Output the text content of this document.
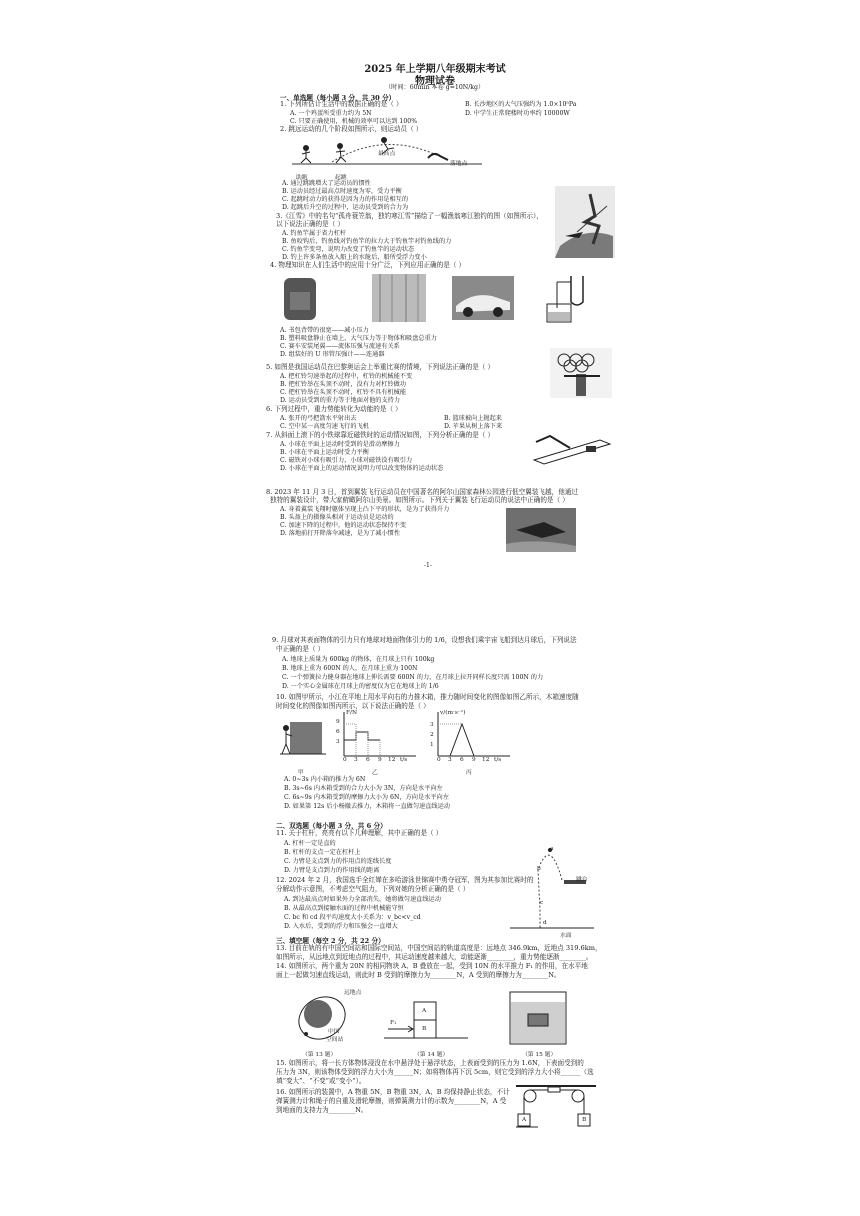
2025 年上学期八年级期末考试
物理试卷
（时间：60min 本卷 g=10N/kg）
一、单选题（每小题 3 分，共 30 分）
1. 下列所估计生活中的数据正确的是（ ）
A. 一个鸡蛋所受重力约为 5N
B. 长沙地区的大气压强约为 1.0×10⁵Pa
C. 只要正确使用，机械的效率可以达到 100%
D. 中学生正常爬楼时功率约 10000W
2. 跳远运动的几个阶段如图所示，则运动员（ ）
助跑	起跳
最高点
落地点
A. 通过跳跳增大了运动员的惯性
B. 运动员经过最高点时速度为零，受力平衡
C. 起跳时动力的获得是因为力的作用是相互的
D. 起跳后升空的过程中，运动员受到的合力为
3.《江雪》中的名句“孤舟蓑笠翁，独钓寒江雪”描绘了一幅渔翁寒江独钓的图（如图所示），
以下说法正确的是（ ）
A. 钓鱼竿属于省力杠杆
B. 鱼咬钩后，钓鱼线对钓鱼竿的拉力大于钓鱼竿对钓鱼线的力
C. 钓鱼竿变弯，说明力改变了钓鱼竿的运动状态
D. 钓上许多条鱼放入船上的水舱后，船所受浮力变小
4. 物理知识在人们生活中的应用十分广泛，下列应用正确的是（ ）
A. 书包背带的很宽——减小压力
B. 塑料吸盘静止在墙上，大气压力等于物体和吸盘总重力
C. 赛车安装尾翼——流体压强与流速有关系
D. 组装好的 U 形管压强计——连通器
5. 如图是我国运动员在巴黎奥运会上举重比赛的情境，下列说法正确的是（ ）
A. 把杠铃匀速举起的过程中，杠铃的机械能不变
B. 把杠铃举在头顶不动时，没有力对杠铃做功
C. 把杠铃举在头顶不动时，杠铃不具有机械能
D. 运动员受到的重力等于地面对他的支持力
6. 下列过程中，重力势能转化为动能的是（ ）
A. 张开的弓把箭水平射出去	B. 篮球被向上抛起来
C. 空中某一高度匀速飞行的飞机	D. 苹果从树上落下来
7. 从斜面上滚下的小铁球靠近磁铁时的运动情况如图，下列分析正确的是（ ）
A. 小球在平面上运动时受到的是滑动摩擦力
B. 小球在平面上运动时受力平衡
C. 磁铁对小球有吸引力，小球对磁铁没有吸引力
D. 小球在平面上的运动情况说明力可以改变物体的运动状态
8. 2023 年 11 月 3 日，首到翼装飞行运动员在中国著名的阿尔山国家森林公园进行低空翼装飞越，他通过
独特的翼装设计，带大家俯瞰阿尔山美景。如图所示。下列关于翼装飞行运动员的说法中正确的是（ ）
A. 身着翼装飞翔时躯体呈现上凸下平的形状，是为了获得升力
B. 头盔上的摄像头相对于运动员是运动的
C. 加速下降的过程中，他的运动状态保持不变
D. 落地前打开降落伞减速，是为了减小惯性
-1-
9. 月球对其表面物体的引力只有地球对地面物体引力的 1/6，设想我们乘宇宙飞船到达月球后，下列说法
中正确的是（ ）
A. 地球上质量为 600kg 的物体，在月球上只有 100kg
B. 地球上重为 600N 的人，在月球上重为 100N
C. 一个弹簧拉力健身器在地球上伸长需要 600N 的力，在月球上拉开同样长度只需 100N 的力
D. 一个实心金属球在月球上的密度仅为它在地球上的 1/6
10. 如图甲所示，小江在平地上用水平向右的力推木箱，推力随时间变化的图像如图乙所示，木箱速度随
时间变化的图像如图丙所示，以下说法正确的是（ ）
F/N
9
6
3
0 3 6 9 12 t/s
v/(m·s⁻¹)
3
2
1
0 3 6 9 12 t/s
甲	乙	丙
A. 0~3s 内小箱的推力为 6N
B. 3s~6s 内木箱受到的合力大小为 3N，方向是水平向左
C. 6s~9s 内木箱受到的摩擦力大小为 6N，方向是水平向左
D. 如果第 12s 后小杨撤去推力，木箱将一直做匀速直线运动
二、双选题（每小题 3 分，共 6 分）
11. 关于杠杆，亮亮有以下几种理解，其中正确的是（ ）
A. 杠杆一定是直的
B. 杠杆的支点一定在杠杆上
C. 力臂是支点到力的作用点的连线长度
D. 力臂是支点到力的作用线的距离
12. 2024 年 2 月，我国选手全红婵在多哈游泳世锦赛中勇夺冠军，图为其参加比赛时的
分解动作示意图，不考虑空气阻力，下列对她的分析正确的是（ ）
A. 到达最高点时如果外力全部消失，她将做匀速直线运动
B. 从最高点到接触水面的过程中机械能守恒
C. bc 和 cd 段平均速度大小关系为：v_bc<v_cd
D. 入水后，受到的浮力和压强会一直增大
a
b
c
d
跳台
水面
三、填空题（每空 2 分，共 22 分）
13. 目前在轨的有中国空间站和国际空间站，中国空间站的轨道高度是：远地点 346.9km，近地点 319.6km，
如图所示，从远地点到近地点的过程中，其运动速度越来越大，动能逐渐________，重力势能逐渐________。
14. 如图所示，两个重为 20N 的相同物块 A、B 叠放在一起，受到 10N 的水平推力 F₁ 的作用，在水平地
面上一起做匀速直线运动，则此时 B 受到的摩擦力为________N，A 受到的摩擦力为________N。
远地点
中国
空间站
F₁
A
B
（第 13 题）	（第 14 题）	（第 15 题）
15. 如图所示，将一长方体物体浸没在水中悬浮处于悬浮状态，上表面受到的压力为 1.6N，下表面受到的
压力为 3N，则该物体受到的浮力大小为______N；如将物体再下沉 5cm，则它受到的浮力大小将______（选
填“变大”、“不变”或“变小”）。
16. 如图所示的装置中，A 物重 5N，B 物重 3N，A、B 均保持静止状态，不计
弹簧测力计和绳子的自重及滑轮摩擦，则弹簧测力计的示数为________N，A 受
到地面的支持力为________N。
A	B
